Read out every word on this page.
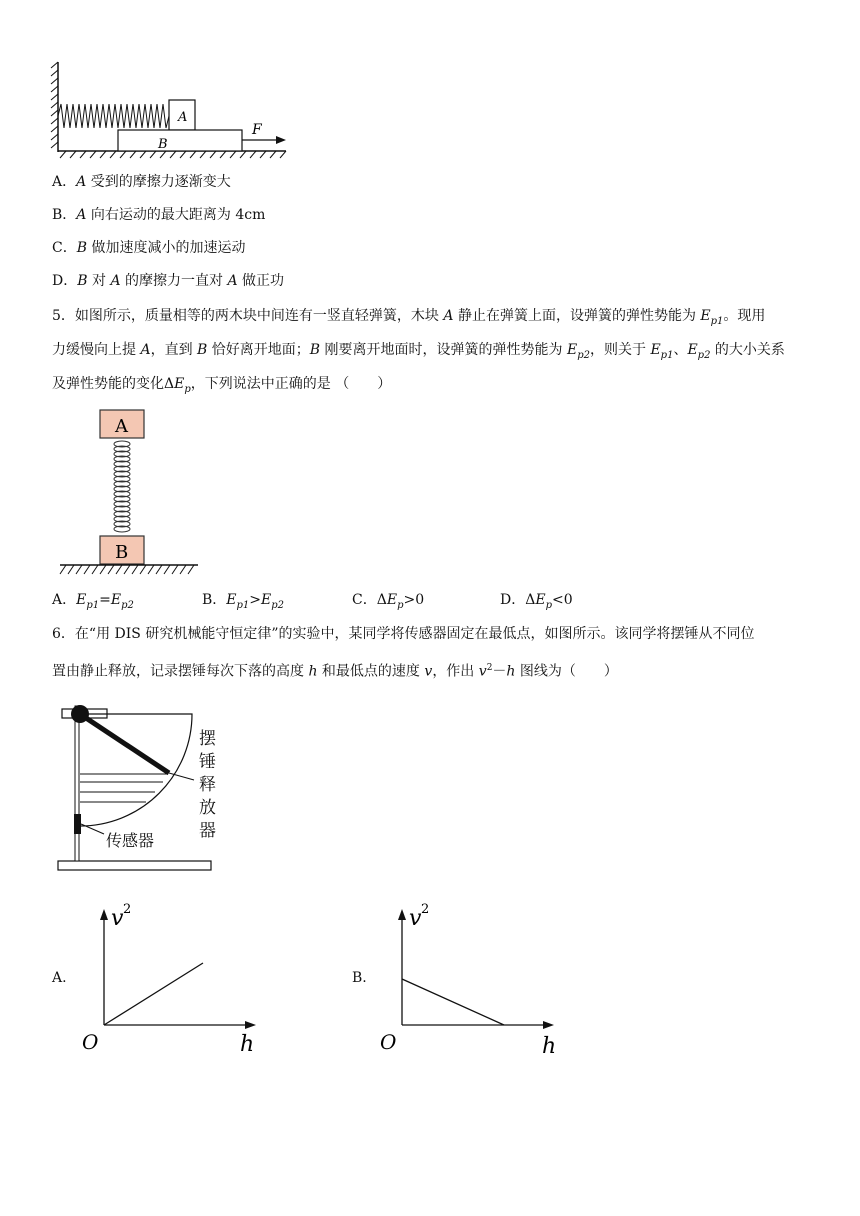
A
B
F
A．A 受到的摩擦力逐渐变大
B．A 向右运动的最大距离为 4cm
C．B 做加速度减小的加速运动
D．B 对 A 的摩擦力一直对 A 做正功
5．如图所示，质量相等的两木块中间连有一竖直轻弹簧，木块 A 静止在弹簧上面，设弹簧的弹性势能为 $E_{p1}$。现用
力缓慢向上提 A，直到 B 恰好离开地面；B 刚要离开地面时，设弹簧的弹性势能为 $E_{p2}$，则关于 $E_{p1}$、$E_{p2}$ 的大小关系
及弹性势能的变化$\Delta E_p$，下列说法中正确的是 （　　）
A
B
A．$E_{p1}=E_{p2}$	B．$E_{p1}>E_{p2}$	C．$\Delta E_p>0$	D．$\Delta E_p<0$
6．在“用 DIS 研究机械能守恒定律”的实验中，某同学将传感器固定在最低点，如图所示。该同学将摆锤从不同位
置由静止释放，记录摆锤每次下落的高度 h 和最低点的速度 v，作出 $v^2-h$ 图线为（　　）
摆
锤
释
放
器
传感器
A.
v 2
O	h
B.
v 2
O	h
